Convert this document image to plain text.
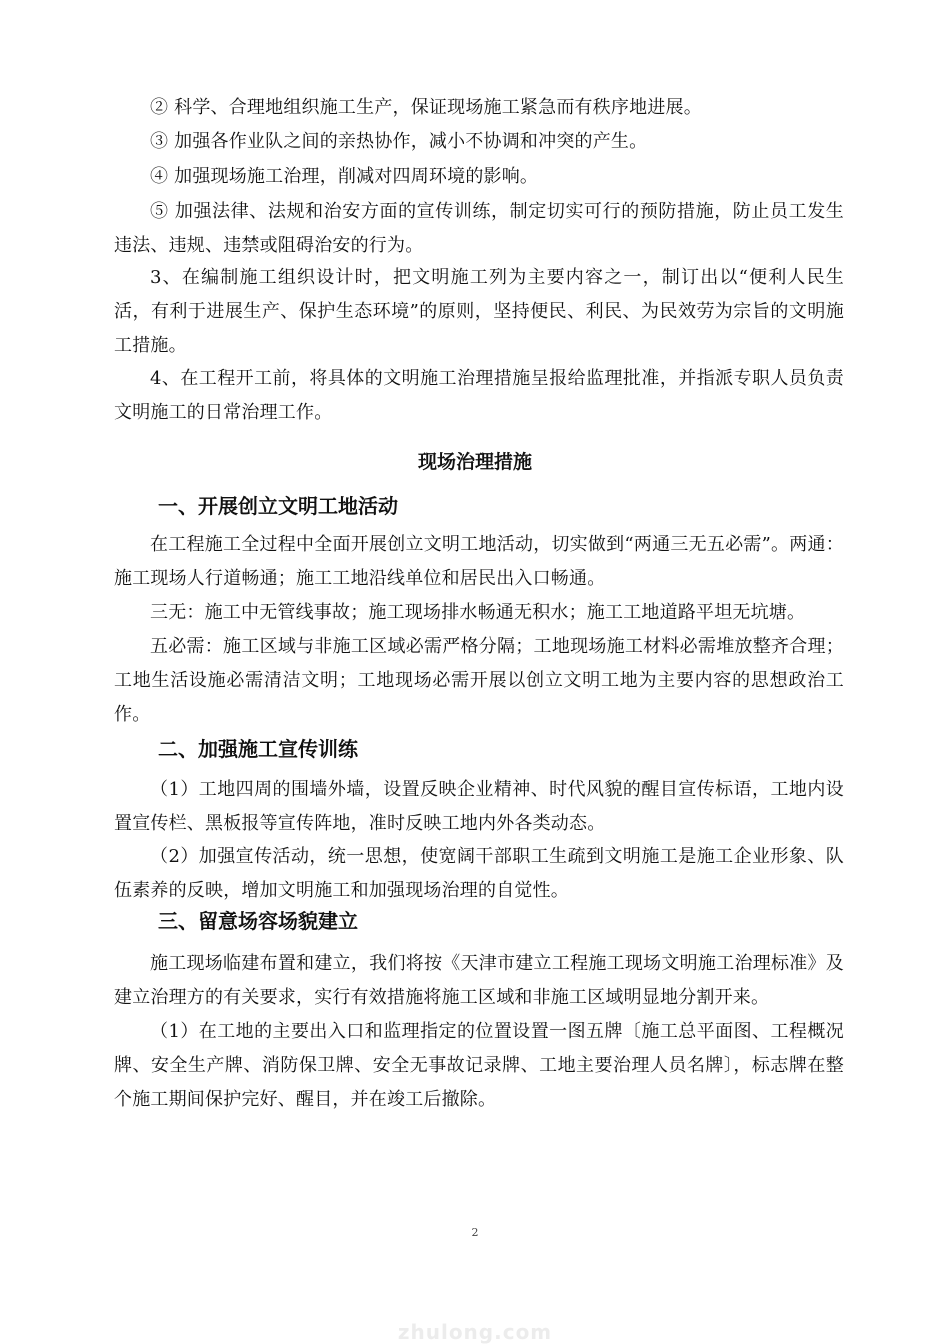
② 科学、合理地组织施工生产，保证现场施工紧急而有秩序地进展。

③ 加强各作业队之间的亲热协作，减小不协调和冲突的产生。

④ 加强现场施工治理，削减对四周环境的影响。

⑤ 加强法律、法规和治安方面的宣传训练，制定切实可行的预防措施，防止员工发生违法、违规、违禁或阻碍治安的行为。

3、在编制施工组织设计时，把文明施工列为主要内容之一，制订出以“便利人民生活，有利于进展生产、保护生态环境”的原则，坚持便民、利民、为民效劳为宗旨的文明施工措施。

4、在工程开工前，将具体的文明施工治理措施呈报给监理批准，并指派专职人员负责文明施工的日常治理工作。

现场治理措施
一、开展创立文明工地活动

在工程施工全过程中全面开展创立文明工地活动，切实做到“两通三无五必需”。两通：施工现场人行道畅通；施工工地沿线单位和居民出入口畅通。

三无：施工中无管线事故；施工现场排水畅通无积水；施工工地道路平坦无坑塘。

五必需：施工区域与非施工区域必需严格分隔；工地现场施工材料必需堆放整齐合理；工地生活设施必需清洁文明；工地现场必需开展以创立文明工地为主要内容的思想政治工作。

二、加强施工宣传训练

（1）工地四周的围墙外墙，设置反映企业精神、时代风貌的醒目宣传标语，工地内设置宣传栏、黑板报等宣传阵地，准时反映工地内外各类动态。

（2）加强宣传活动，统一思想，使宽阔干部职工生疏到文明施工是施工企业形象、队伍素养的反映，增加文明施工和加强现场治理的自觉性。

三、留意场容场貌建立

施工现场临建布置和建立，我们将按《天津市建立工程施工现场文明施工治理标准》及建立治理方的有关要求，实行有效措施将施工区域和非施工区域明显地分割开来。

（1）在工地的主要出入口和监理指定的位置设置一图五牌〔施工总平面图、工程概况牌、安全生产牌、消防保卫牌、安全无事故记录牌、工地主要治理人员名牌〕，标志牌在整个施工期间保护完好、醒目，并在竣工后撤除。

2
zhulong.com
